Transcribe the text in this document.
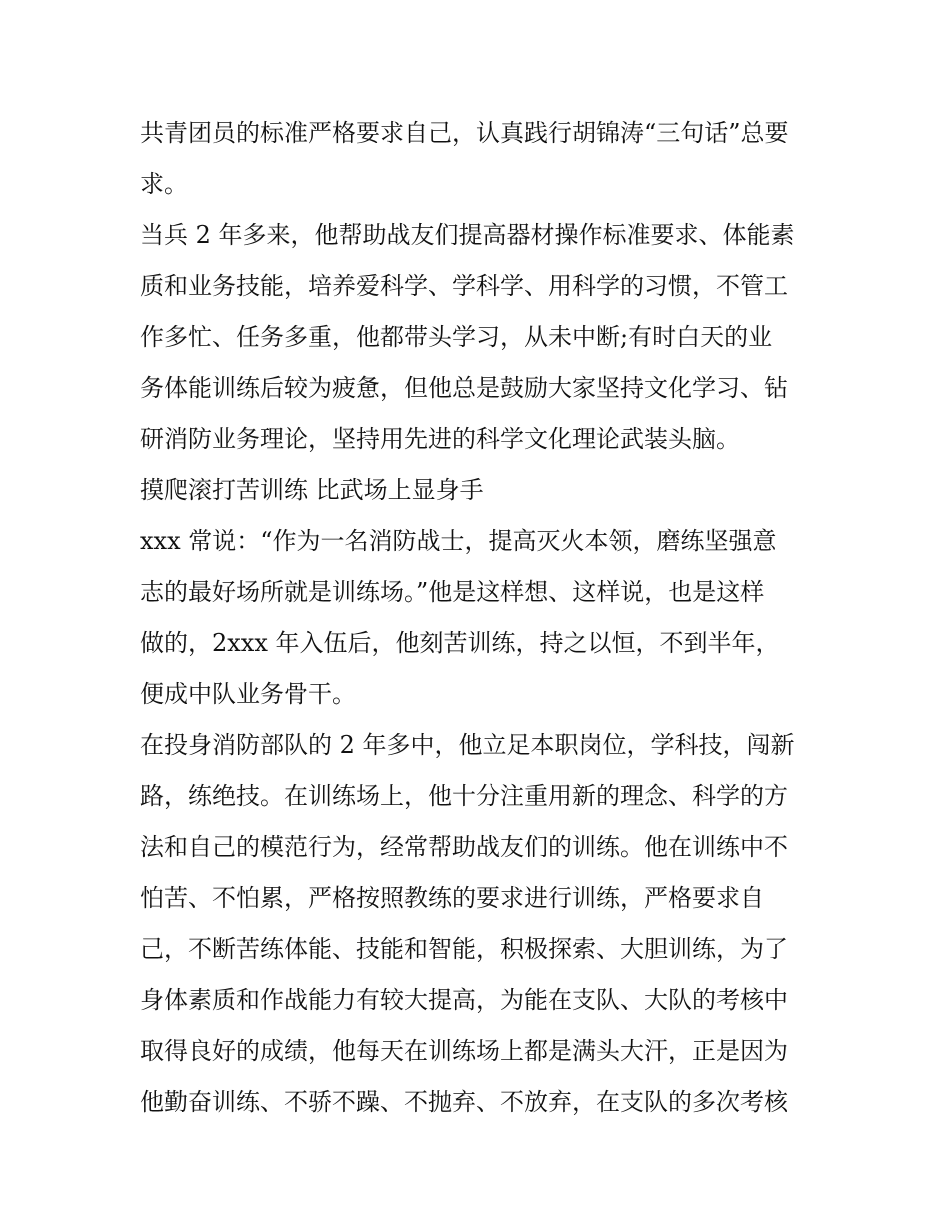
共青团员的标准严格要求自己，认真践行胡锦涛“三句话”总要
求。

当兵 2 年多来，他帮助战友们提高器材操作标准要求、体能素
质和业务技能，培养爱科学、学科学、用科学的习惯，不管工
作多忙、任务多重，他都带头学习，从未中断;有时白天的业
务体能训练后较为疲惫，但他总是鼓励大家坚持文化学习、钻
研消防业务理论，坚持用先进的科学文化理论武装头脑。

摸爬滚打苦训练 比武场上显身手

xxx 常说：“作为一名消防战士，提高灭火本领，磨练坚强意
志的最好场所就是训练场。”他是这样想、这样说，也是这样
做的，2xxx 年入伍后，他刻苦训练，持之以恒，不到半年，
便成中队业务骨干。

在投身消防部队的 2 年多中，他立足本职岗位，学科技，闯新
路，练绝技。在训练场上，他十分注重用新的理念、科学的方
法和自己的模范行为，经常帮助战友们的训练。他在训练中不
怕苦、不怕累，严格按照教练的要求进行训练，严格要求自
己，不断苦练体能、技能和智能，积极探索、大胆训练，为了
身体素质和作战能力有较大提高，为能在支队、大队的考核中
取得良好的成绩，他每天在训练场上都是满头大汗，正是因为
他勤奋训练、不骄不躁、不抛弃、不放弃，在支队的多次考核
